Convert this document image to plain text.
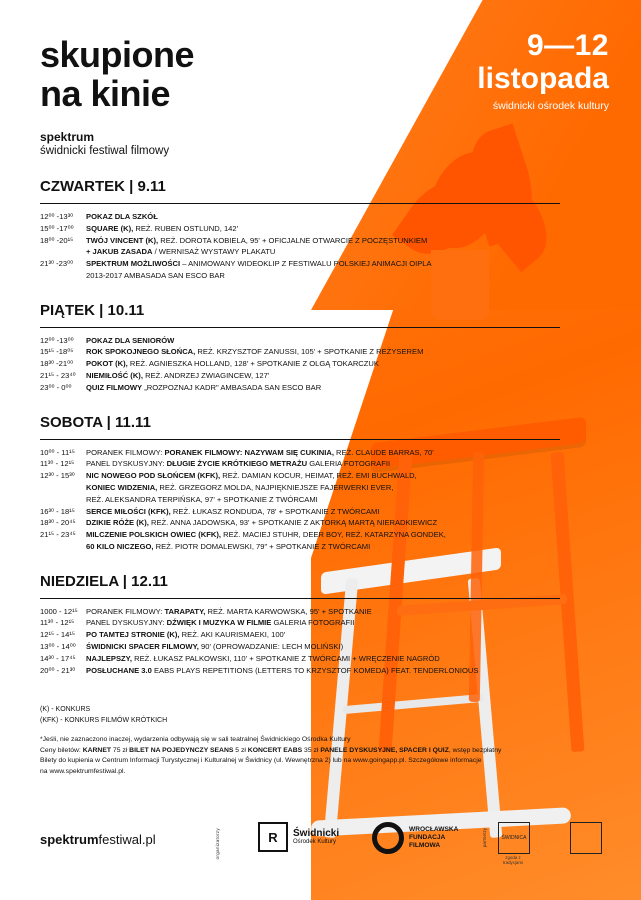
skupione
na kinie
spektrum
świdnicki festiwal filmowy
9—12
listopada
świdnicki ośrodek kultury
CZWARTEK | 9.11
12⁰⁰ -13³⁰	POKAZ DLA SZKÓŁ
15⁰⁰ -17⁰⁰	SQUARE (K), REŻ. RUBEN OSTLUND, 142'
18⁰⁰ -20¹⁵	TWÓJ VINCENT (K), REŻ. DOROTA KOBIELA, 95' + OFICJALNE OTWARCIE Z POCZĘSTUNKIEM
+ JAKUB ZASADA / WERNISAŻ WYSTAWY PLAKATU
21³⁰ -23⁰⁰	SPEKTRUM MOŻLIWOŚCI – ANIMOWANY WIDEOKLIP Z FESTIWALU POLSKIEJ ANIMACJI OIPLA
2013-2017 AMBASADA SAN ESCO BAR
PIĄTEK | 10.11
12⁰⁰ -13⁰⁰	POKAZ DLA SENIORÓW
15¹⁵ -18⁰⁵	ROK SPOKOJNEGO SŁOŃCA, REŻ. KRZYSZTOF ZANUSSI, 105' + SPOTKANIE Z REŻYSEREM
18³⁰ -21⁰⁰	POKOT (K), REŻ. AGNIESZKA HOLLAND, 128' + SPOTKANIE Z OLGĄ TOKARCZUK
21¹⁵ - 23⁴⁰	NIEMIŁOŚĆ (K), REŻ. ANDRZEJ ZWIAGINCEW, 127'
23⁰⁰ - 0⁰⁰	QUIZ FILMOWY „ROZPOZNAJ KADR" AMBASADA SAN ESCO BAR
SOBOTA | 11.11
10⁰⁰ - 11¹⁵	PORANEK FILMOWY: PORANEK FILMOWY: NAZYWAM SIĘ CUKINIA, REŻ. CLAUDE BARRAS, 70'
11³⁰ - 12¹⁵	PANEL DYSKUSYJNY: DŁUGIE ŻYCIE KRÓTKIEGO METRAŻU GALERIA FOTOGRAFII
12³⁰ - 15³⁰	NIC NOWEGO POD SŁOŃCEM (KFK), REŻ. DAMIAN KOCUR, HEIMAT, REŻ. EMI BUCHWALD,
KONIEC WIDZENIA, REŻ. GRZEGORZ MOLDA, NAJPIĘKNIEJSZE FAJERWERKI EVER,
REŻ. ALEKSANDRA TERPIŃSKA, 97' + SPOTKANIE Z TWÓRCAMI
16³⁰ - 18¹⁵	SERCE MIŁOŚCI (KFK), REŻ. ŁUKASZ RONDUDA, 78' + SPOTKANIE Z TWÓRCAMI
18³⁰ - 20⁴⁵	DZIKIE RÓŻE (K), REŻ. ANNA JADOWSKA, 93' + SPOTKANIE Z AKTORKĄ MARTĄ NIERADKIEWICZ
21¹⁵ - 23⁴⁵	MILCZENIE POLSKICH OWIEC (KFK), REŻ. MACIEJ STUHR, DEER BOY, REŻ. KATARZYNA GONDEK,
60 KILO NICZEGO, REŻ. PIOTR DOMALEWSKI, 79" + SPOTKANIE Z TWÓRCAMI
NIEDZIELA | 12.11
1000 - 12¹⁵	PORANEK FILMOWY: TARAPATY, REŻ. MARTA KARWOWSKA, 95' + SPOTKANIE
11³⁰ - 12¹⁵	PANEL DYSKUSYJNY: DŹWIĘK I MUZYKA W FILMIE GALERIA FOTOGRAFII
12¹⁵ - 14¹⁵	PO TAMTEJ STRONIE (K), REŻ. AKI KAURISMAEKI, 100'
13⁰⁰ - 14⁰⁰	ŚWIDNICKI SPACER FILMOWY, 90' (OPROWADZANIE: LECH MOLIŃSKI)
14³⁰ - 17⁴⁵	NAJLEPSZY, REŻ. ŁUKASZ PALKOWSKI, 110' + SPOTKANIE Z TWÓRCAMI + WRĘCZENIE NAGRÓD
20⁰⁰ - 21³⁰	POSŁUCHANE 3.0 EABS PLAYS REPETITIONS (LETTERS TO KRZYSZTOF KOMEDA) FEAT. TENDERLONIOUS
(K) - KONKURS
(KFK) - KONKURS FILMÓW KRÓTKICH
*Jeśli, nie zaznaczono inaczej, wydarzenia odbywają się w sali teatralnej Świdnickiego Ośrodka Kultury
Ceny biletów: KARNET 75 zł BILET NA POJEDYNCZY SEANS 5 zł KONCERT EABS 35 zł PANELE DYSKUSYJNE, SPACER I QUIZ, wstęp bezpłatny
Bilety do kupienia w Centrum Informacji Turystycznej i Kulturalnej w Świdnicy (ul. Wewnętrzna 2) lub na www.goingapp.pl. Szczegółowe informacje
na www.spektrumfestiwal.pl.
spektrumfestiwal.pl	organizatorzy	R	Świdnicki
Ośrodek Kultury
WROCŁAWSKA
FUNDACJA
FILMOWA	partnerzy	ŚWIDNICA
zgoda z tradycjami
